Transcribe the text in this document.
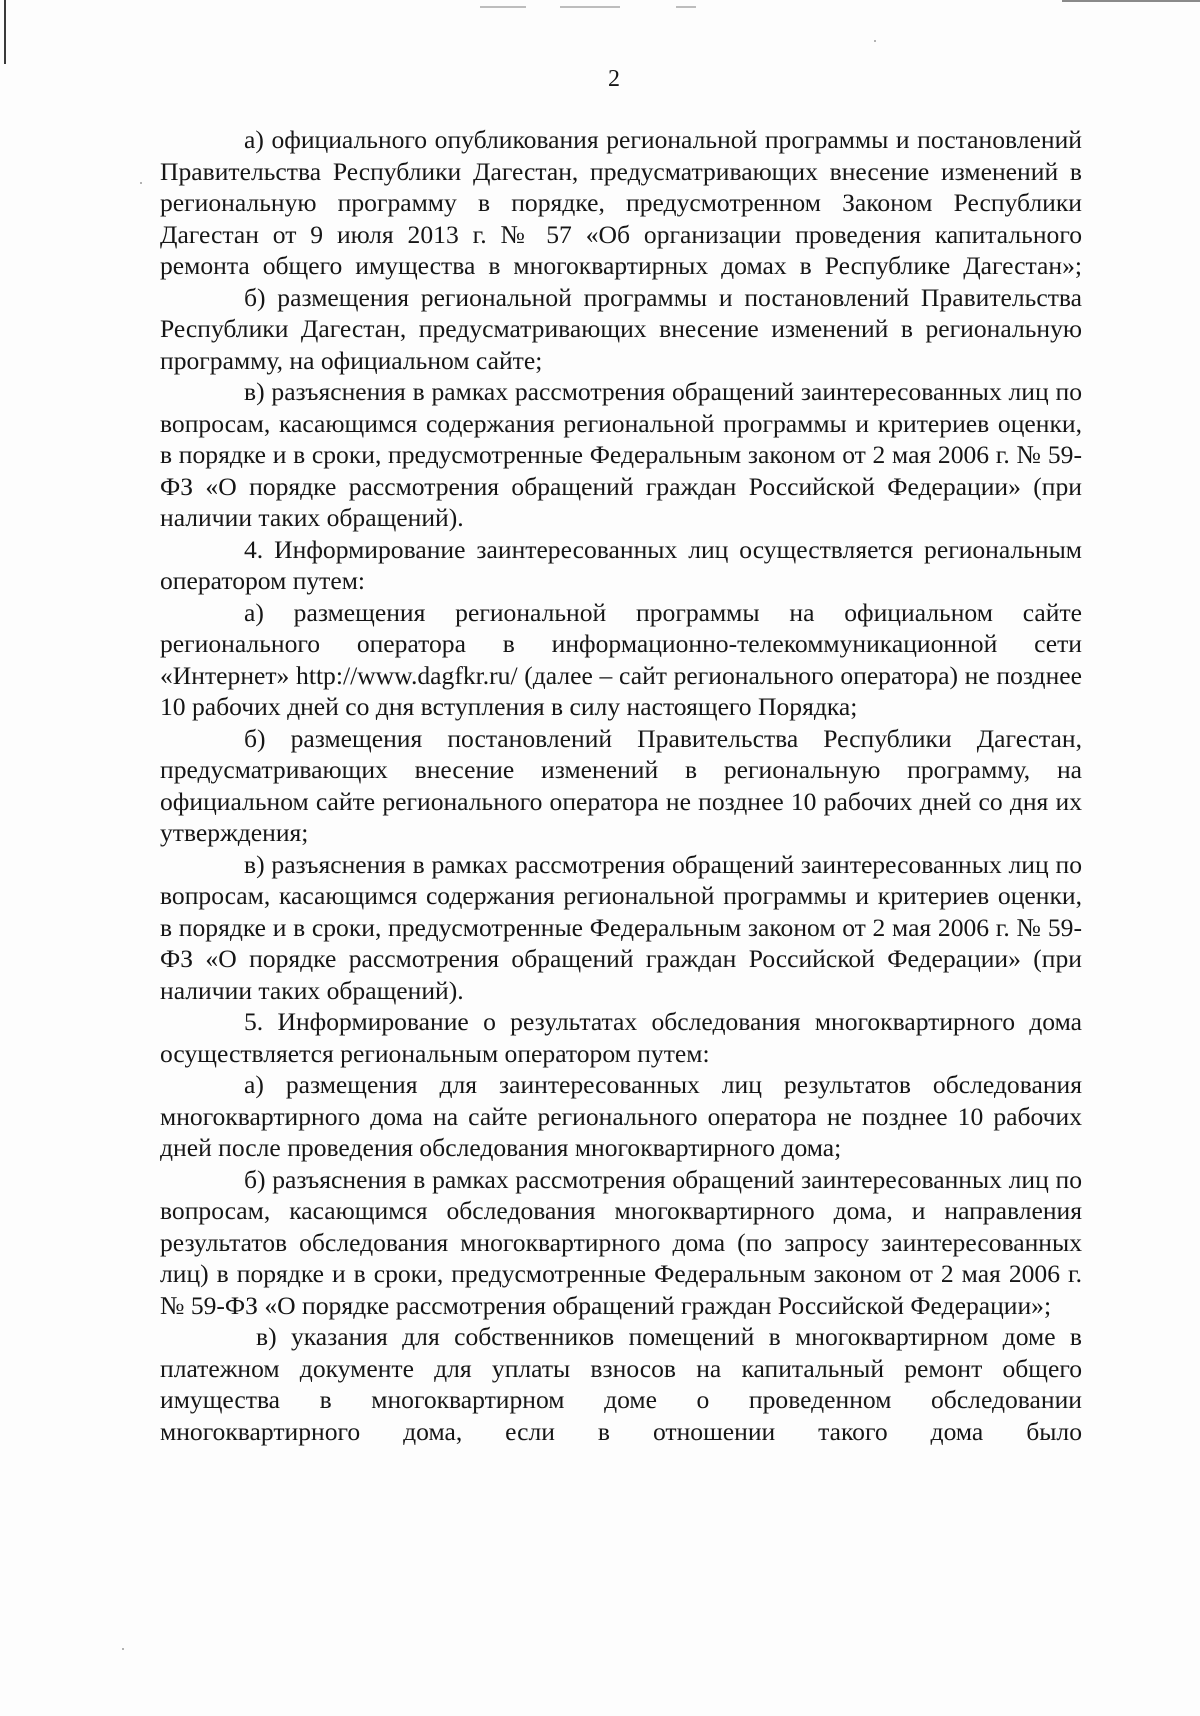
2

а) официального опубликования региональной программы и постановлений Правительства Республики Дагестан, предусматривающих внесение изменений в региональную программу в порядке, предусмотренном Законом Республики Дагестан от 9 июля 2013 г. № 57 «Об организации проведения капитального ремонта общего имущества в многоквартирных домах в Республике Дагестан»;

б) размещения региональной программы и постановлений Правительства Республики Дагестан, предусматривающих внесение изменений в региональную программу, на официальном сайте;

в) разъяснения в рамках рассмотрения обращений заинтересованных лиц по вопросам, касающимся содержания региональной программы и критериев оценки, в порядке и в сроки, предусмотренные Федеральным законом от 2 мая 2006 г. № 59-ФЗ «О порядке рассмотрения обращений граждан Российской Федерации» (при наличии таких обращений).

4. Информирование заинтересованных лиц осуществляется региональным оператором путем:

а) размещения региональной программы на официальном сайте регионального оператора в информационно-телекоммуникационной сети «Интернет» http://www.dagfkr.ru/ (далее – сайт регионального оператора) не позднее 10 рабочих дней со дня вступления в силу настоящего Порядка;

б) размещения постановлений Правительства Республики Дагестан, предусматривающих внесение изменений в региональную программу, на официальном сайте регионального оператора не позднее 10 рабочих дней со дня их утверждения;

в) разъяснения в рамках рассмотрения обращений заинтересованных лиц по вопросам, касающимся содержания региональной программы и критериев оценки, в порядке и в сроки, предусмотренные Федеральным законом от 2 мая 2006 г. № 59-ФЗ «О порядке рассмотрения обращений граждан Российской Федерации» (при наличии таких обращений).

5. Информирование о результатах обследования многоквартирного дома осуществляется региональным оператором путем:

а) размещения для заинтересованных лиц результатов обследования многоквартирного дома на сайте регионального оператора не позднее 10 рабочих дней после проведения обследования многоквартирного дома;

б) разъяснения в рамках рассмотрения обращений заинтересованных лиц по вопросам, касающимся обследования многоквартирного дома, и направления результатов обследования многоквартирного дома (по запросу заинтересованных лиц) в порядке и в сроки, предусмотренные Федеральным законом от 2 мая 2006 г. № 59-ФЗ «О порядке рассмотрения обращений граждан Российской Федерации»;

в) указания для собственников помещений в многоквартирном доме в платежном документе для уплаты взносов на капитальный ремонт общего имущества в многоквартирном доме о проведенном обследовании многоквартирного дома, если в отношении такого дома было
